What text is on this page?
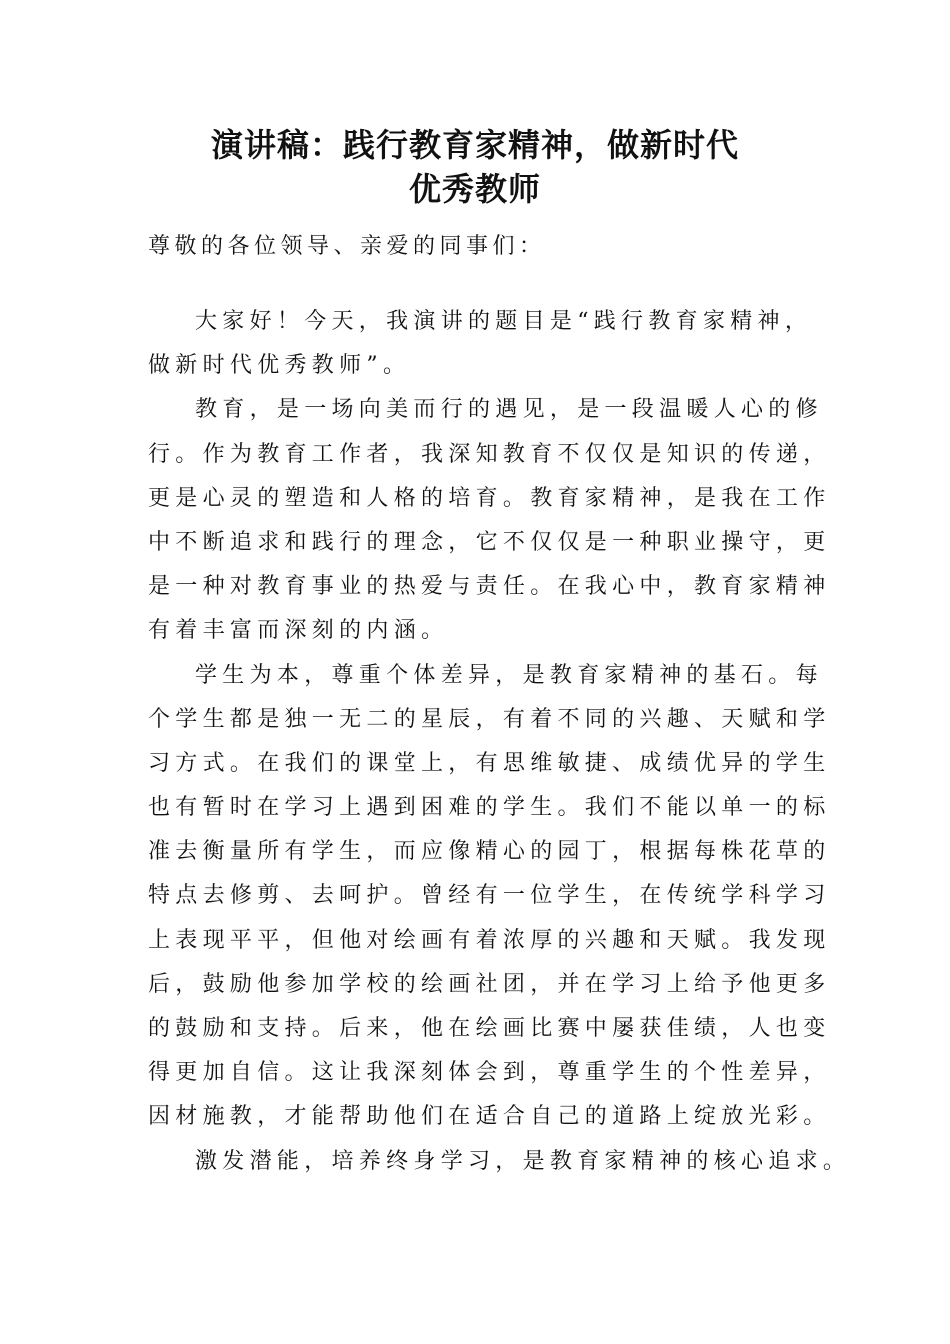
演讲稿：践行教育家精神，做新时代
优秀教师
尊敬的各位领导、亲爱的同事们：
大家好！今天，我演讲的题目是“践行教育家精神，
做新时代优秀教师”。
教育，是一场向美而行的遇见，是一段温暖人心的修
行。作为教育工作者，我深知教育不仅仅是知识的传递，
更是心灵的塑造和人格的培育。教育家精神，是我在工作
中不断追求和践行的理念，它不仅仅是一种职业操守，更
是一种对教育事业的热爱与责任。在我心中，教育家精神
有着丰富而深刻的内涵。
学生为本，尊重个体差异，是教育家精神的基石。每
个学生都是独一无二的星辰，有着不同的兴趣、天赋和学
习方式。在我们的课堂上，有思维敏捷、成绩优异的学生
也有暂时在学习上遇到困难的学生。我们不能以单一的标
准去衡量所有学生，而应像精心的园丁，根据每株花草的
特点去修剪、去呵护。曾经有一位学生，在传统学科学习
上表现平平，但他对绘画有着浓厚的兴趣和天赋。我发现
后，鼓励他参加学校的绘画社团，并在学习上给予他更多
的鼓励和支持。后来，他在绘画比赛中屡获佳绩，人也变
得更加自信。这让我深刻体会到，尊重学生的个性差异，
因材施教，才能帮助他们在适合自己的道路上绽放光彩。
激发潜能，培养终身学习，是教育家精神的核心追求。
